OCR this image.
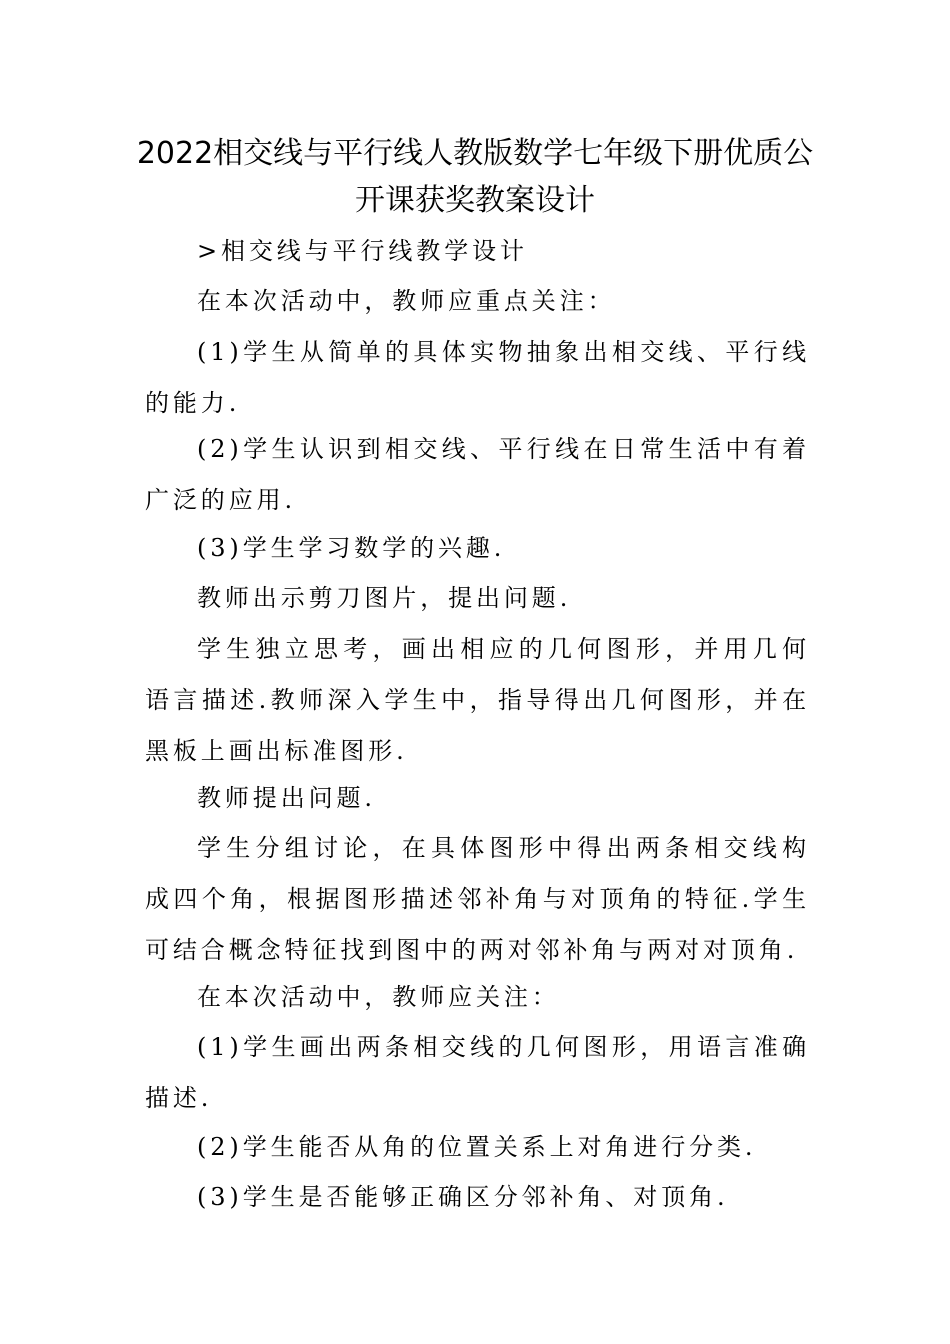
2022相交线与平行线人教版数学七年级下册优质公
开课获奖教案设计

>相交线与平行线教学设计

在本次活动中，教师应重点关注：

(1)学生从简单的具体实物抽象出相交线、平行线的能力.

(2)学生认识到相交线、平行线在日常生活中有着广泛的应用.

(3)学生学习数学的兴趣.

教师出示剪刀图片，提出问题.

学生独立思考，画出相应的几何图形，并用几何语言描述.教师深入学生中，指导得出几何图形，并在黑板上画出标准图形.

教师提出问题.

学生分组讨论，在具体图形中得出两条相交线构成四个角，根据图形描述邻补角与对顶角的特征.学生可结合概念特征找到图中的两对邻补角与两对对顶角.

在本次活动中，教师应关注：

(1)学生画出两条相交线的几何图形，用语言准确描述.

(2)学生能否从角的位置关系上对角进行分类.

(3)学生是否能够正确区分邻补角、对顶角.
